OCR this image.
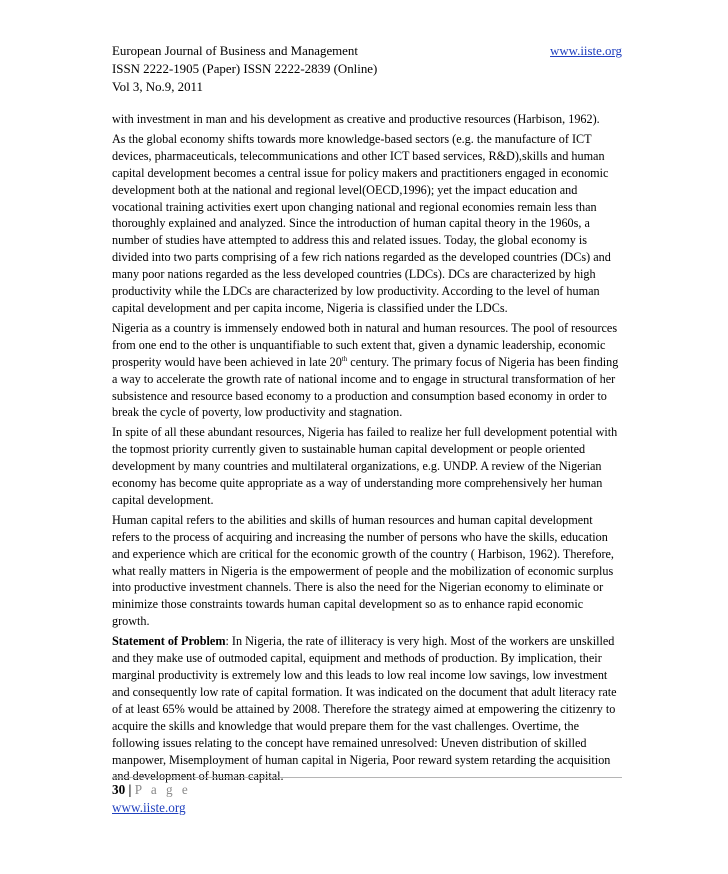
European Journal of Business and Management	www.iiste.org
ISSN 2222-1905 (Paper) ISSN 2222-2839 (Online)
Vol 3, No.9, 2011

with investment in man and his development as creative and productive resources (Harbison, 1962).

As the global economy shifts towards more knowledge-based sectors (e.g. the manufacture of ICT devices, pharmaceuticals, telecommunications and other ICT based services, R&D),skills and human capital development becomes a central issue for policy makers and practitioners engaged in economic development both at the national and regional level(OECD,1996); yet the impact education and vocational training activities exert upon changing national and regional economies remain less than thoroughly explained and analyzed. Since the introduction of human capital theory in the 1960s, a number of studies have attempted to address this and related issues. Today, the global economy is divided into two parts comprising of a few rich nations regarded as the developed countries (DCs) and many poor nations regarded as the less developed countries (LDCs). DCs are characterized by high productivity while the LDCs are characterized by low productivity. According to the level of human capital development and per capita income, Nigeria is classified under the LDCs.

Nigeria as a country is immensely endowed both in natural and human resources. The pool of resources from one end to the other is unquantifiable to such extent that, given a dynamic leadership, economic prosperity would have been achieved in late 20th century. The primary focus of Nigeria has been finding a way to accelerate the growth rate of national income and to engage in structural transformation of her subsistence and resource based economy to a production and consumption based economy in order to break the cycle of poverty, low productivity and stagnation.

In spite of all these abundant resources, Nigeria has failed to realize her full development potential with the topmost priority currently given to sustainable human capital development or people oriented development by many countries and multilateral organizations, e.g. UNDP. A review of the Nigerian economy has become quite appropriate as a way of understanding more comprehensively her human capital development.

Human capital refers to the abilities and skills of human resources and human capital development refers to the process of acquiring and increasing the number of persons who have the skills, education and experience which are critical for the economic growth of the country ( Harbison, 1962). Therefore, what really matters in Nigeria is the empowerment of people and the mobilization of economic surplus into productive investment channels. There is also the need for the Nigerian economy to eliminate or minimize those constraints towards human capital development so as to enhance rapid economic growth.

Statement of Problem: In Nigeria, the rate of illiteracy is very high. Most of the workers are unskilled and they make use of outmoded capital, equipment and methods of production. By implication, their marginal productivity is extremely low and this leads to low real income low savings, low investment and consequently low rate of capital formation. It was indicated on the document that adult literacy rate of at least 65% would be attained by 2008. Therefore the strategy aimed at empowering the citizenry to acquire the skills and knowledge that would prepare them for the vast challenges. Overtime, the following issues relating to the concept have remained unresolved: Uneven distribution of skilled manpower, Misemployment of human capital in Nigeria, Poor reward system retarding the acquisition and development of human capital.

30 | P a g e
www.iiste.org
